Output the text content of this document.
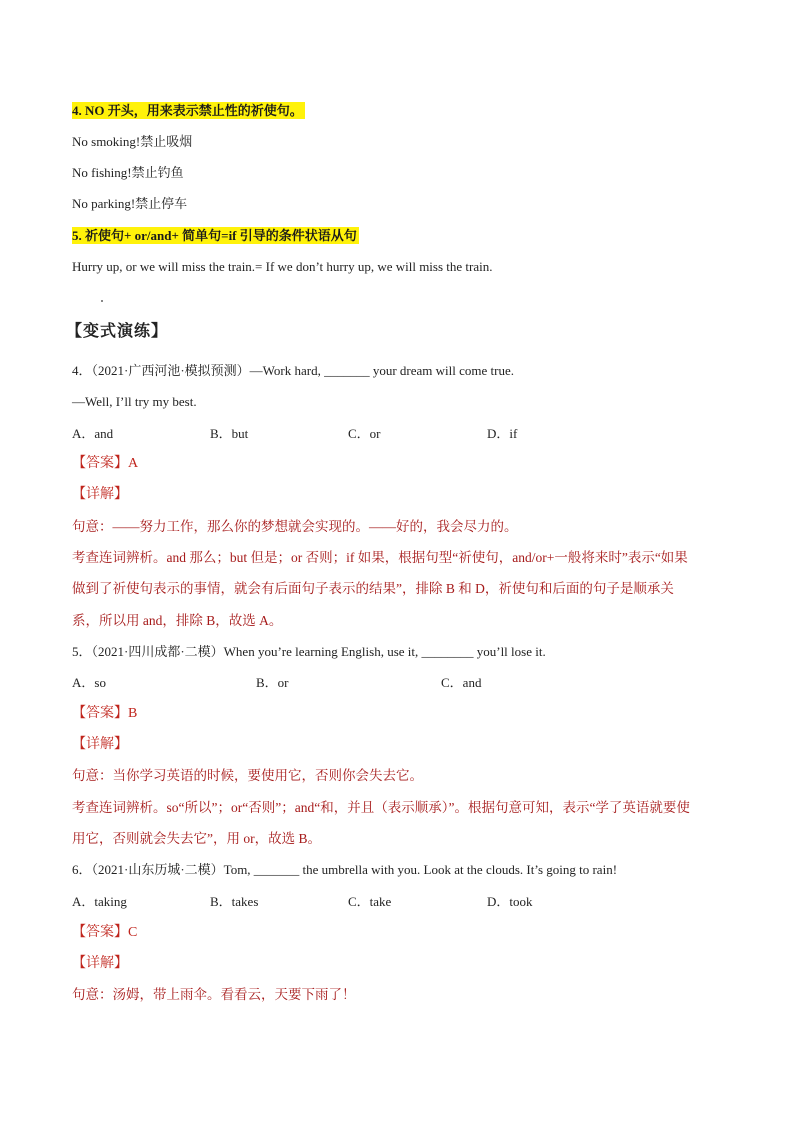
4. NO 开头，用来表示禁止性的祈使句。
No smoking!禁止吸烟
No fishing!禁止钓鱼
No parking!禁止停车
5. 祈使句+ or/and+ 简单句=if 引导的条件状语从句
Hurry up, or we will miss the train.= If we don’t hurry up, we will miss the train.
【变式演练】
4．（2021·广西河池·模拟预测）—Work hard, _______ your dream will come true.
—Well, I’ll try my best.
A．and	B．but	C．or	D．if
【答案】A
【详解】
句意：——努力工作，那么你的梦想就会实现的。——好的，我会尽力的。
考查连词辨析。and 那么；but 但是；or 否则；if 如果，根据句型“祈使句，and/or+一般将来时”表示“如果
做到了祈使句表示的事情，就会有后面句子表示的结果”，排除 B 和 D，祈使句和后面的句子是顺承关
系，所以用 and，排除 B，故选 A。
5．（2021·四川成都·二模）When you’re learning English, use it, ________ you’ll lose it.
A．so	B．or	C．and
【答案】B
【详解】
句意：当你学习英语的时候，要使用它，否则你会失去它。
考查连词辨析。so“所以”；or“否则”；and“和，并且（表示顺承）”。根据句意可知，表示“学了英语就要使
用它，否则就会失去它”，用 or，故选 B。
6．（2021·山东历城·二模）Tom, _______ the umbrella with you. Look at the clouds. It’s going to rain!
A．taking	B．takes	C．take	D．took
【答案】C
【详解】
句意：汤姆，带上雨伞。看看云，天要下雨了！
